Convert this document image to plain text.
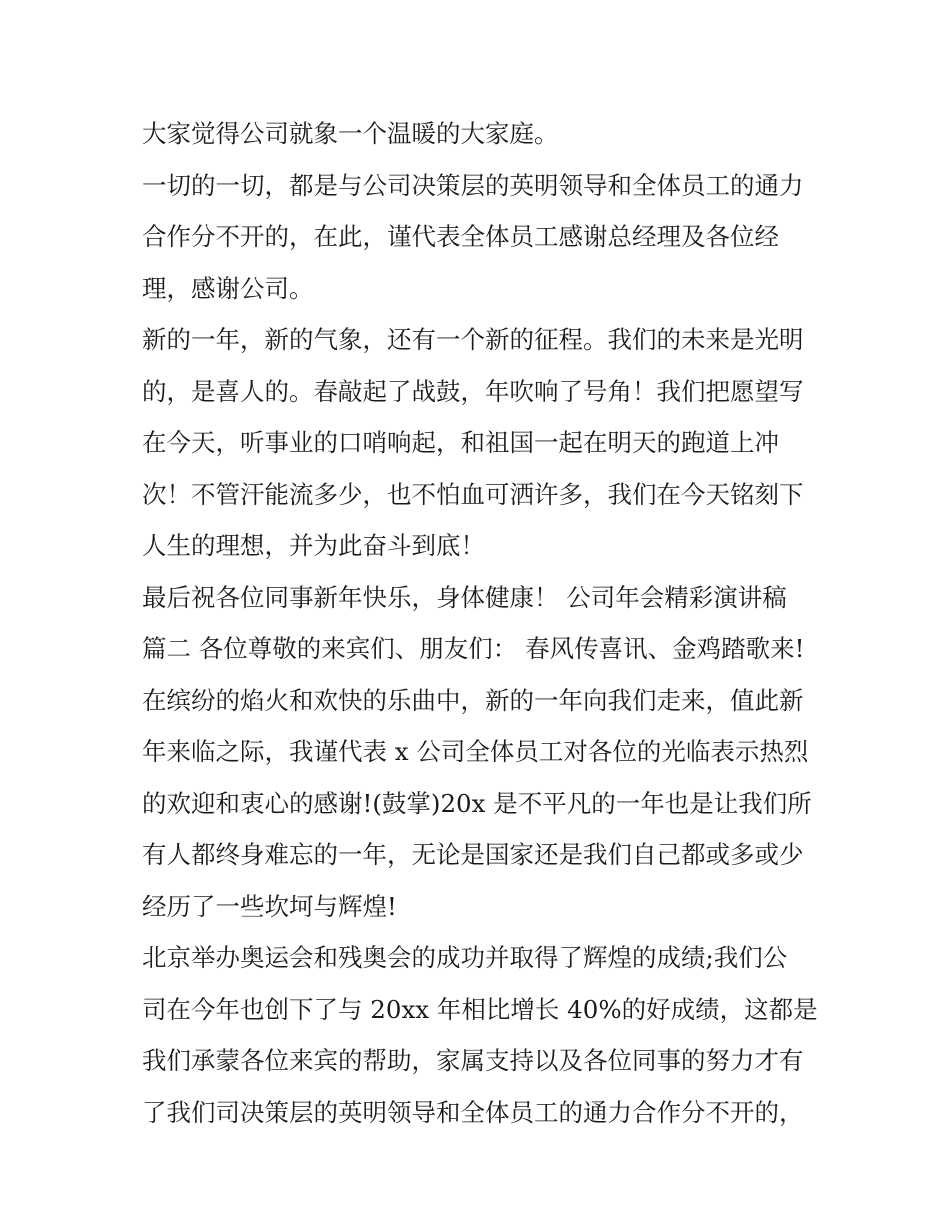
大家觉得公司就象一个温暖的大家庭。
一切的一切，都是与公司决策层的英明领导和全体员工的通力
合作分不开的，在此，谨代表全体员工感谢总经理及各位经
理，感谢公司。
新的一年，新的气象，还有一个新的征程。我们的未来是光明
的，是喜人的。春敲起了战鼓，年吹响了号角！我们把愿望写
在今天，听事业的口哨响起，和祖国一起在明天的跑道上冲
次！不管汗能流多少，也不怕血可洒许多，我们在今天铭刻下
人生的理想，并为此奋斗到底！
最后祝各位同事新年快乐，身体健康！ 公司年会精彩演讲稿
篇二 各位尊敬的来宾们、朋友们： 春风传喜讯、金鸡踏歌来!
在缤纷的焰火和欢快的乐曲中，新的一年向我们走来，值此新
年来临之际，我谨代表 x 公司全体员工对各位的光临表示热烈
的欢迎和衷心的感谢!(鼓掌)20x 是不平凡的一年也是让我们所
有人都终身难忘的一年，无论是国家还是我们自己都或多或少
经历了一些坎坷与辉煌!
北京举办奥运会和残奥会的成功并取得了辉煌的成绩;我们公
司在今年也创下了与 20xx 年相比增长 40%的好成绩，这都是
我们承蒙各位来宾的帮助，家属支持以及各位同事的努力才有
了我们司决策层的英明领导和全体员工的通力合作分不开的，
